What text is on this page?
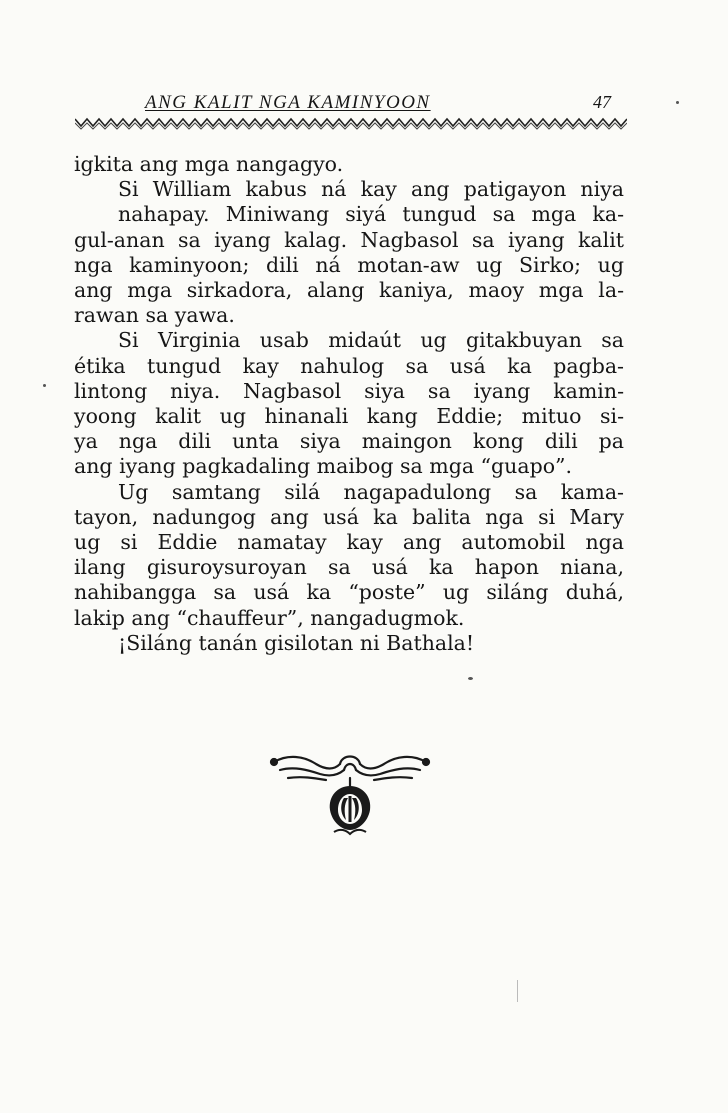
ANG KALIT NGA KAMINYOON	47

igkita ang mga nangagyo.

Si William kabus ná kay ang patigayon niya nahapay. Miniwang siyá tungud sa mga ka-
gul-anan sa iyang kalag. Nagbasol sa iyang kalit
nga kaminyoon; dili ná motan-aw ug Sirko; ug
ang mga sirkadora, alang kaniya, maoy mga la-
rawan sa yawa.

Si Virginia usab midaút ug gitakbuyan sa
étika tungud kay nahulog sa usá ka pagba-
lintong niya. Nagbasol siya sa iyang kamin-
yoong kalit ug hinanali kang Eddie; mituo si-
ya nga dili unta siya maingon kong dili pa
ang iyang pagkadaling maibog sa mga “guapo”.

Ug samtang silá nagapadulong sa kama-
tayon, nadungog ang usá ka balita nga si Mary
ug si Eddie namatay kay ang automobil nga
ilang gisuroysuroyan sa usá ka hapon niana,
nahibangga sa usá ka “poste” ug siláng duhá,
lakip ang “chauffeur”, nangadugmok.

¡Siláng tanán gisilotan ni Bathala!
